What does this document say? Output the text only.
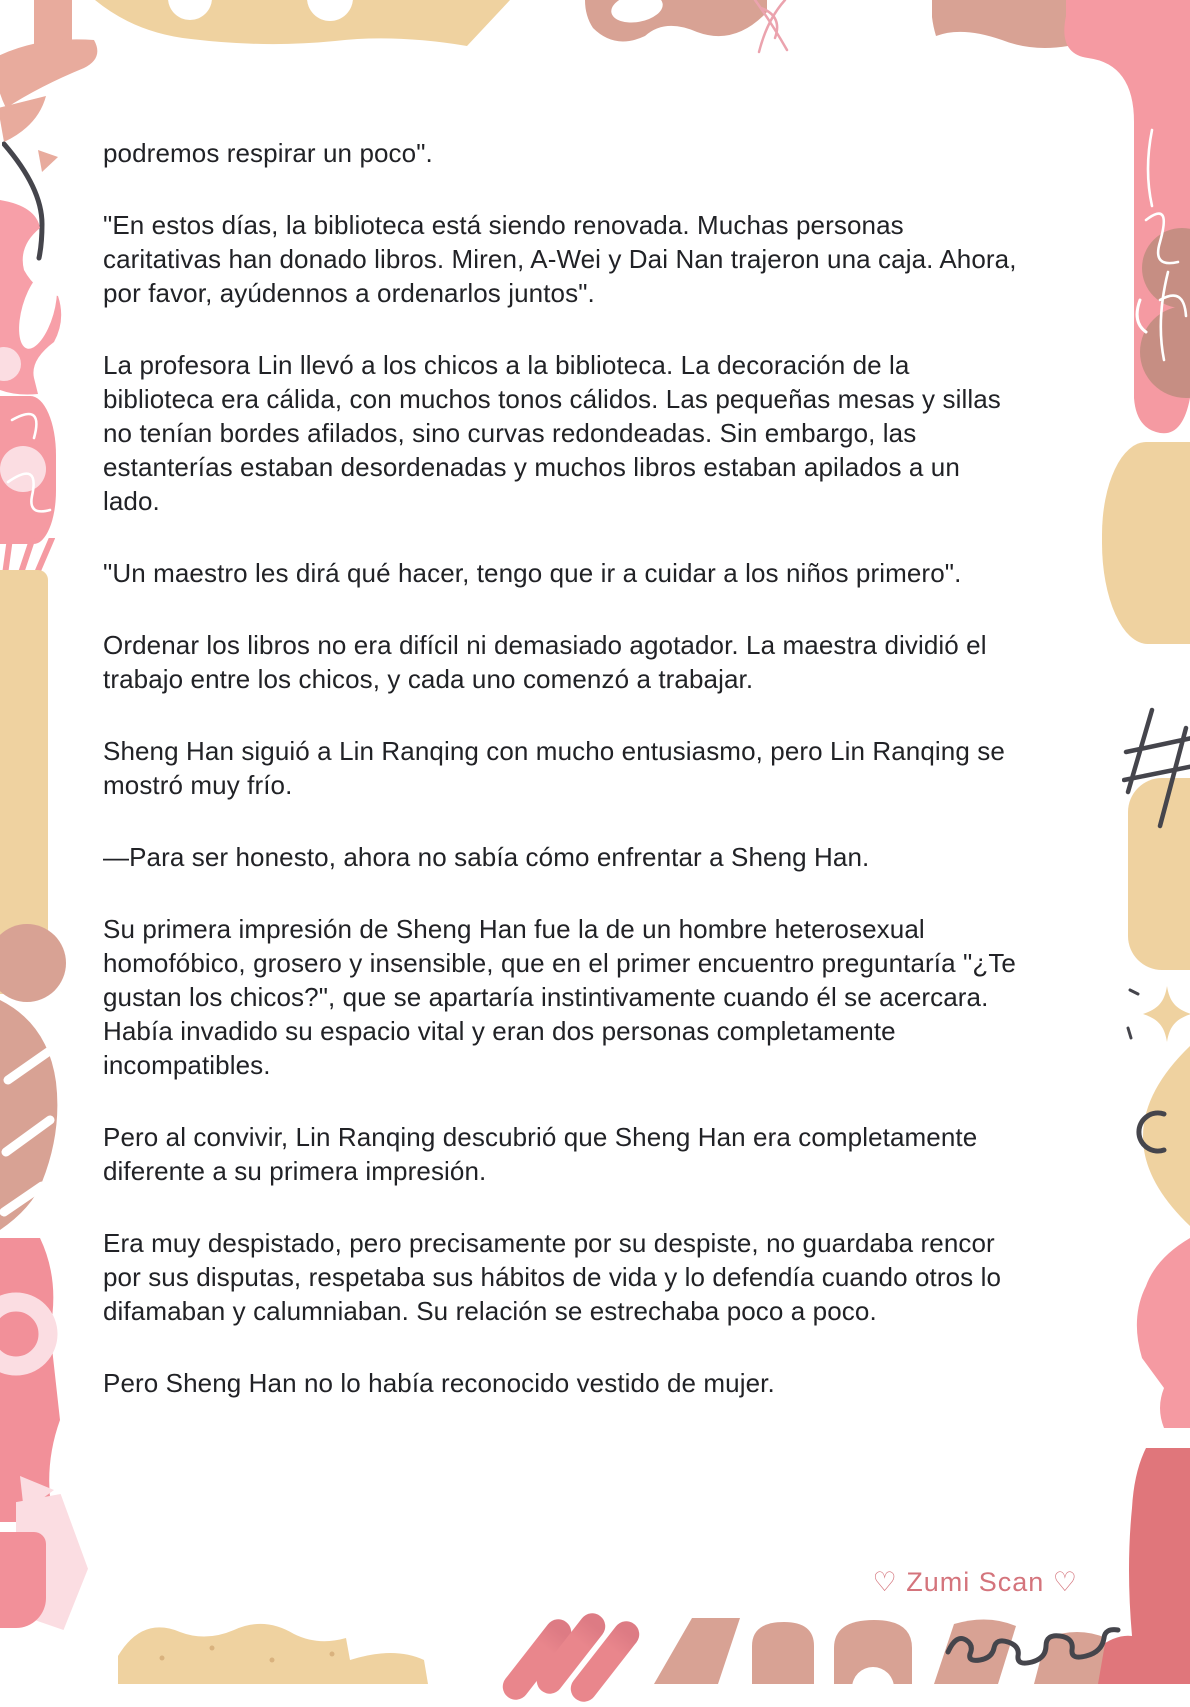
podremos respirar un poco".

"En estos días, la biblioteca está siendo renovada. Muchas personas caritativas han donado libros. Miren, A-Wei y Dai Nan trajeron una caja. Ahora, por favor, ayúdennos a ordenarlos juntos".

La profesora Lin llevó a los chicos a la biblioteca. La decoración de la biblioteca era cálida, con muchos tonos cálidos. Las pequeñas mesas y sillas no tenían bordes afilados, sino curvas redondeadas. Sin embargo, las estanterías estaban desordenadas y muchos libros estaban apilados a un lado.

"Un maestro les dirá qué hacer, tengo que ir a cuidar a los niños primero".

Ordenar los libros no era difícil ni demasiado agotador. La maestra dividió el trabajo entre los chicos, y cada uno comenzó a trabajar.

Sheng Han siguió a Lin Ranqing con mucho entusiasmo, pero Lin Ranqing se mostró muy frío.

—Para ser honesto, ahora no sabía cómo enfrentar a Sheng Han.

Su primera impresión de Sheng Han fue la de un hombre heterosexual homofóbico, grosero y insensible, que en el primer encuentro preguntaría "¿Te gustan los chicos?", que se apartaría instintivamente cuando él se acercara. Había invadido su espacio vital y eran dos personas completamente incompatibles.

Pero al convivir, Lin Ranqing descubrió que Sheng Han era completamente diferente a su primera impresión.

Era muy despistado, pero precisamente por su despiste, no guardaba rencor por sus disputas, respetaba sus hábitos de vida y lo defendía cuando otros lo difamaban y calumniaban. Su relación se estrechaba poco a poco.

Pero Sheng Han no lo había reconocido vestido de mujer.

♡ Zumi Scan ♡
